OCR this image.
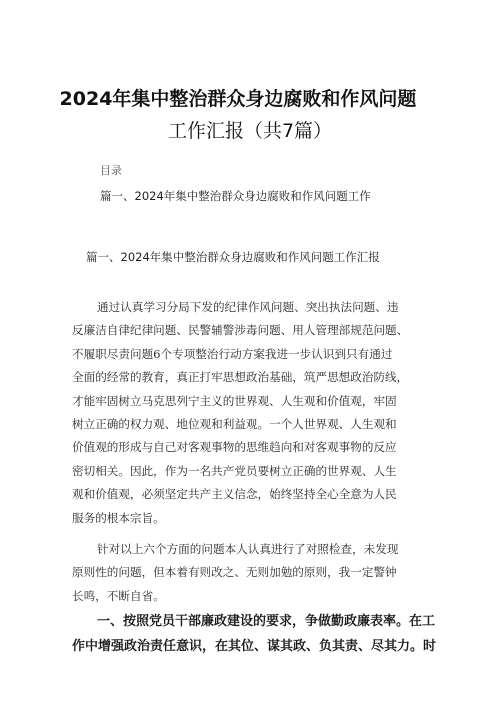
2024年集中整治群众身边腐败和作风问题
工作汇报（共7篇）
目录
篇一、2024年集中整治群众身边腐败和作风问题工作
篇一、2024年集中整治群众身边腐败和作风问题工作汇报

通过认真学习分局下发的纪律作风问题、突出执法问题、违

反廉洁自律纪律问题、民警辅警涉毒问题、用人管理部规范问题、

不履职尽责问题6个专项整治行动方案我进一步认识到只有通过

全面的经常的教育，真正打牢思想政治基础，筑严思想政治防线，

才能牢固树立马克思列宁主义的世界观、人生观和价值观，牢固

树立正确的权力观、地位观和利益观。一个人世界观、人生观和

价值观的形成与自己对客观事物的思维趋向和对客观事物的反应

密切相关。因此，作为一名共产党员要树立正确的世界观、人生

观和价值观，必须坚定共产主义信念，始终坚持全心全意为人民

服务的根本宗旨。

针对以上六个方面的问题本人认真进行了对照检查，未发现

原则性的问题，但本着有则改之、无则加勉的原则，我一定警钟

长鸣，不断自省。

一、按照党员干部廉政建设的要求，争做勤政廉表率。在工

作中增强政治责任意识，在其位、谋其政、负其责、尽其力。时
